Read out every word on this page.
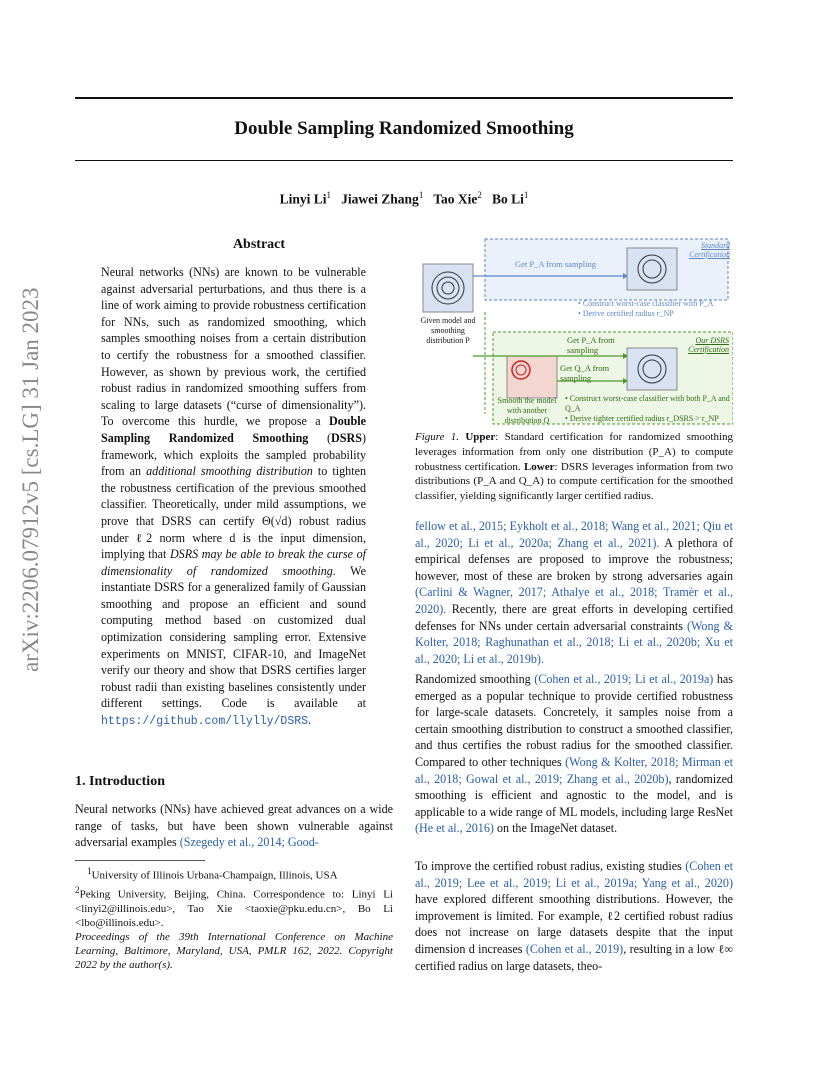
Double Sampling Randomized Smoothing
Linyi Li$^1$ Jiawei Zhang$^1$ Tao Xie$^2$ Bo Li$^1$
arXiv:2206.07912v5 [cs.LG] 31 Jan 2023
Abstract
Neural networks (NNs) are known to be vulnerable against adversarial perturbations, and thus there is a line of work aiming to provide robustness certification for NNs, such as randomized smoothing, which samples smoothing noises from a certain distribution to certify the robustness for a smoothed classifier. However, as shown by previous work, the certified robust radius in randomized smoothing suffers from scaling to large datasets (“curse of dimensionality”). To overcome this hurdle, we propose a Double Sampling Randomized Smoothing (DSRS) framework, which exploits the sampled probability from an additional smoothing distribution to tighten the robustness certification of the previous smoothed classifier. Theoretically, under mild assumptions, we prove that DSRS can certify Θ(√d) robust radius under ℓ2 norm where d is the input dimension, implying that DSRS may be able to break the curse of dimensionality of randomized smoothing. We instantiate DSRS for a generalized family of Gaussian smoothing and propose an efficient and sound computing method based on customized dual optimization considering sampling error. Extensive experiments on MNIST, CIFAR-10, and ImageNet verify our theory and show that DSRS certifies larger robust radii than existing baselines consistently under different settings. Code is available at https://github.com/llylly/DSRS.
1. Introduction
Neural networks (NNs) have achieved great advances on a wide range of tasks, but have been shown vulnerable against adversarial examples (Szegedy et al., 2014; Good-
$^1$University of Illinois Urbana-Champaign, Illinois, USA
$^2$Peking University, Beijing, China. Correspondence to: Linyi Li <linyi2@illinois.edu>, Tao Xie <taoxie@pku.edu.cn>, Bo Li <lbo@illinois.edu>.
Proceedings of the 39th International Conference on Machine Learning, Baltimore, Maryland, USA, PMLR 162, 2022. Copyright 2022 by the author(s).
Standard Certification
Get P_A from sampling
• Construct worst-case classifier with P_A
• Derive certified radius r_NP
Given model and smoothing distribution P	Our DSRS Certification
Get P_A from sampling
Get Q_A from sampling
Smooth the model with another distribution Q
• Construct worst-case classifier with both P_A and Q_A
• Derive tighter certified radius r_DSRS > r_NP
Figure 1. Upper: Standard certification for randomized smoothing leverages information from only one distribution (P_A) to compute robustness certification. Lower: DSRS leverages information from two distributions (P_A and Q_A) to compute certification for the smoothed classifier, yielding significantly larger certified radius.
fellow et al., 2015; Eykholt et al., 2018; Wang et al., 2021; Qiu et al., 2020; Li et al., 2020a; Zhang et al., 2021). A plethora of empirical defenses are proposed to improve the robustness; however, most of these are broken by strong adversaries again (Carlini & Wagner, 2017; Athalye et al., 2018; Tramèr et al., 2020). Recently, there are great efforts in developing certified defenses for NNs under certain adversarial constraints (Wong & Kolter, 2018; Raghunathan et al., 2018; Li et al., 2020b; Xu et al., 2020; Li et al., 2019b).
Randomized smoothing (Cohen et al., 2019; Li et al., 2019a) has emerged as a popular technique to provide certified robustness for large-scale datasets. Concretely, it samples noise from a certain smoothing distribution to construct a smoothed classifier, and thus certifies the robust radius for the smoothed classifier. Compared to other techniques (Wong & Kolter, 2018; Mirman et al., 2018; Gowal et al., 2019; Zhang et al., 2020b), randomized smoothing is efficient and agnostic to the model, and is applicable to a wide range of ML models, including large ResNet (He et al., 2016) on the ImageNet dataset.
To improve the certified robust radius, existing studies (Cohen et al., 2019; Lee et al., 2019; Li et al., 2019a; Yang et al., 2020) have explored different smoothing distributions. However, the improvement is limited. For example, ℓ2 certified robust radius does not increase on large datasets despite that the input dimension d increases (Cohen et al., 2019), resulting in a low ℓ∞ certified radius on large datasets, theo-
